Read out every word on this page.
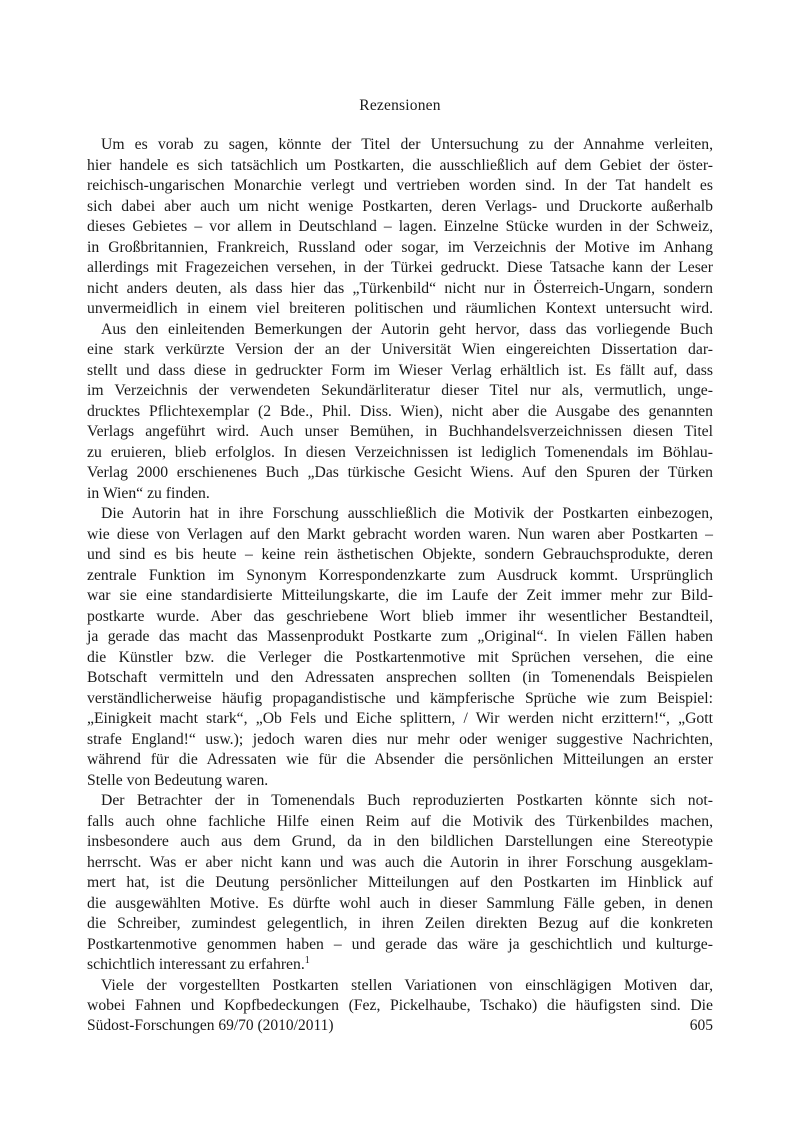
Rezensionen

Um es vorab zu sagen, könnte der Titel der Untersuchung zu der Annahme verleiten,
hier handele es sich tatsächlich um Postkarten, die ausschließlich auf dem Gebiet der öster-
reichisch-ungarischen Monarchie verlegt und vertrieben worden sind. In der Tat handelt es
sich dabei aber auch um nicht wenige Postkarten, deren Verlags- und Druckorte außerhalb
dieses Gebietes – vor allem in Deutschland – lagen. Einzelne Stücke wurden in der Schweiz,
in Großbritannien, Frankreich, Russland oder sogar, im Verzeichnis der Motive im Anhang
allerdings mit Fragezeichen versehen, in der Türkei gedruckt. Diese Tatsache kann der Leser
nicht anders deuten, als dass hier das „Türkenbild“ nicht nur in Österreich-Ungarn, sondern
unvermeidlich in einem viel breiteren politischen und räumlichen Kontext untersucht wird.

Aus den einleitenden Bemerkungen der Autorin geht hervor, dass das vorliegende Buch
eine stark verkürzte Version der an der Universität Wien eingereichten Dissertation dar-
stellt und dass diese in gedruckter Form im Wieser Verlag erhältlich ist. Es fällt auf, dass
im Verzeichnis der verwendeten Sekundärliteratur dieser Titel nur als, vermutlich, unge-
drucktes Pflichtexemplar (2 Bde., Phil. Diss. Wien), nicht aber die Ausgabe des genannten
Verlags angeführt wird. Auch unser Bemühen, in Buchhandelsverzeichnissen diesen Titel
zu eruieren, blieb erfolglos. In diesen Verzeichnissen ist lediglich Tomenendals im Böhlau-
Verlag 2000 erschienenes Buch „Das türkische Gesicht Wiens. Auf den Spuren der Türken
in Wien“ zu finden.

Die Autorin hat in ihre Forschung ausschließlich die Motivik der Postkarten einbezogen,
wie diese von Verlagen auf den Markt gebracht worden waren. Nun waren aber Postkarten –
und sind es bis heute – keine rein ästhetischen Objekte, sondern Gebrauchsprodukte, deren
zentrale Funktion im Synonym Korrespondenzkarte zum Ausdruck kommt. Ursprünglich
war sie eine standardisierte Mitteilungskarte, die im Laufe der Zeit immer mehr zur Bild-
postkarte wurde. Aber das geschriebene Wort blieb immer ihr wesentlicher Bestandteil,
ja gerade das macht das Massenprodukt Postkarte zum „Original“. In vielen Fällen haben
die Künstler bzw. die Verleger die Postkartenmotive mit Sprüchen versehen, die eine
Botschaft vermitteln und den Adressaten ansprechen sollten (in Tomenendals Beispielen
verständlicherweise häufig propagandistische und kämpferische Sprüche wie zum Beispiel:
„Einigkeit macht stark“, „Ob Fels und Eiche splittern, / Wir werden nicht erzittern!“, „Gott
strafe England!“ usw.); jedoch waren dies nur mehr oder weniger suggestive Nachrichten,
während für die Adressaten wie für die Absender die persönlichen Mitteilungen an erster
Stelle von Bedeutung waren.

Der Betrachter der in Tomenendals Buch reproduzierten Postkarten könnte sich not-
falls auch ohne fachliche Hilfe einen Reim auf die Motivik des Türkenbildes machen,
insbesondere auch aus dem Grund, da in den bildlichen Darstellungen eine Stereotypie
herrscht. Was er aber nicht kann und was auch die Autorin in ihrer Forschung ausgeklam-
mert hat, ist die Deutung persönlicher Mitteilungen auf den Postkarten im Hinblick auf
die ausgewählten Motive. Es dürfte wohl auch in dieser Sammlung Fälle geben, in denen
die Schreiber, zumindest gelegentlich, in ihren Zeilen direkten Bezug auf die konkreten
Postkartenmotive genommen haben – und gerade das wäre ja geschichtlich und kulturge-
schichtlich interessant zu erfahren.$^1$

Viele der vorgestellten Postkarten stellen Variationen von einschlägigen Motiven dar,
wobei Fahnen und Kopfbedeckungen (Fez, Pickelhaube, Tschako) die häufigsten sind. Die

Südost-Forschungen 69/70 (2010/2011)	605
